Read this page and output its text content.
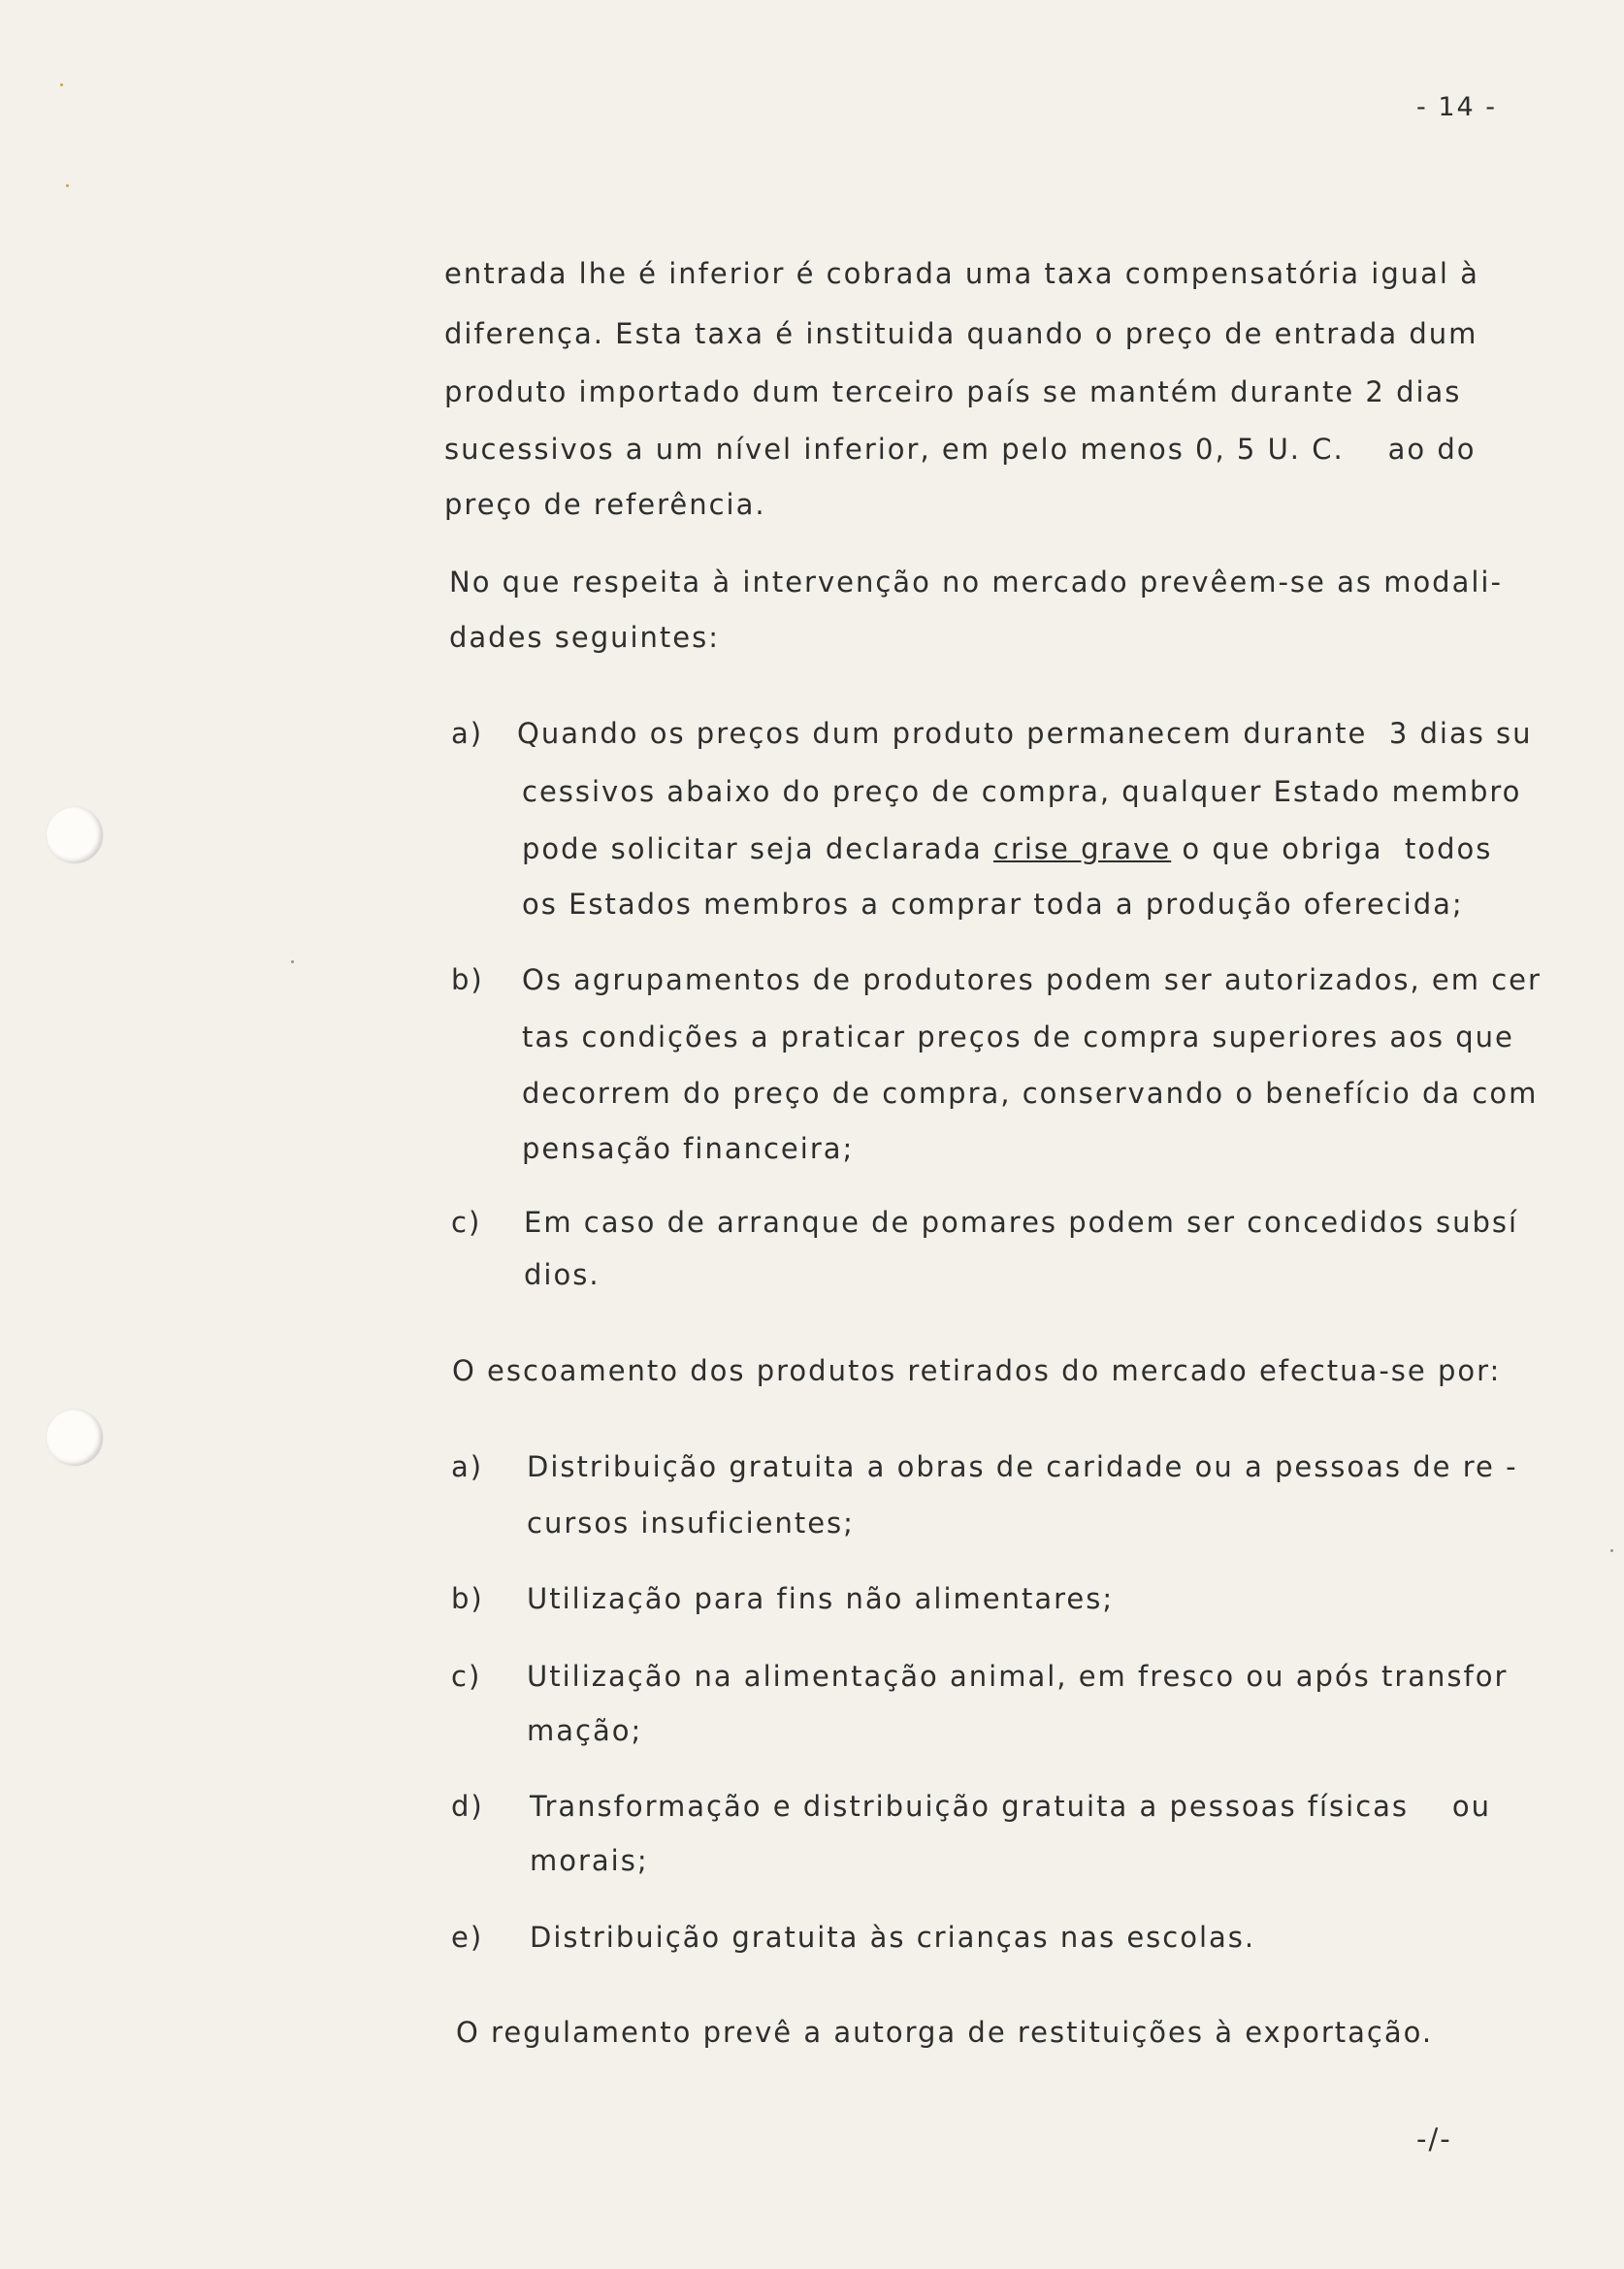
- 14 -
entrada lhe é inferior é cobrada uma taxa compensatória igual à
diferença. Esta taxa é instituida quando o preço de entrada dum
produto importado dum terceiro país se mantém durante 2 dias
sucessivos a um nível inferior, em pelo menos 0, 5 U. C.    ao do
preço de referência.
No que respeita à intervenção no mercado prevêem-se as modali-
dades seguintes:
a) Quando os preços dum produto permanecem durante  3 dias su
cessivos abaixo do preço de compra, qualquer Estado membro
pode solicitar seja declarada crise grave o que obriga  todos
os Estados membros a comprar toda a produção oferecida;
b) Os agrupamentos de produtores podem ser autorizados, em cer
tas condições a praticar preços de compra superiores aos que
decorrem do preço de compra, conservando o benefício da com
pensação financeira;
c) Em caso de arranque de pomares podem ser concedidos subsí
dios.
O escoamento dos produtos retirados do mercado efectua-se por:
a) Distribuição gratuita a obras de caridade ou a pessoas de re -
cursos insuficientes;
b) Utilização para fins não alimentares;
c) Utilização na alimentação animal, em fresco ou após transfor
mação;
d) Transformação e distribuição gratuita a pessoas físicas    ou
morais;
e) Distribuição gratuita às crianças nas escolas.
O regulamento prevê a autorga de restituições à exportação.
-/-
